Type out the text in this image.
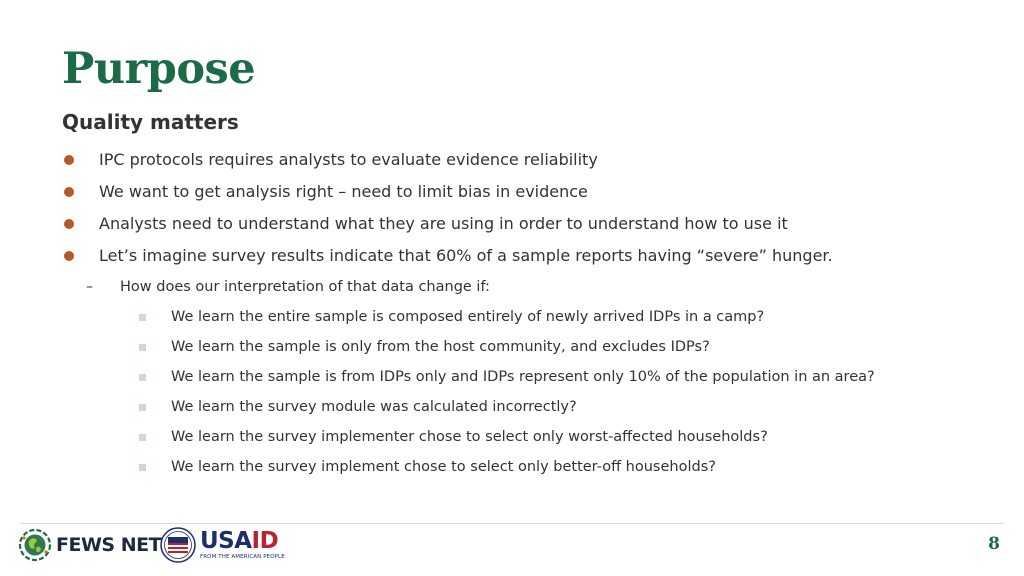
Purpose
Quality matters
IPC protocols requires analysts to evaluate evidence reliability
We want to get analysis right – need to limit bias in evidence
Analysts need to understand what they are using in order to understand how to use it
Let’s imagine survey results indicate that 60% of a sample reports having “severe” hunger.
– How does our interpretation of that data change if:
We learn the entire sample is composed entirely of newly arrived IDPs in a camp?
We learn the sample is only from the host community, and excludes IDPs?
We learn the sample is from IDPs only and IDPs represent only 10% of the population in an area?
We learn the survey module was calculated incorrectly?
We learn the survey implementer chose to select only worst-affected households?
We learn the survey implement chose to select only better-off households?
FEWS NET USAID
FROM THE AMERICAN PEOPLE
8
